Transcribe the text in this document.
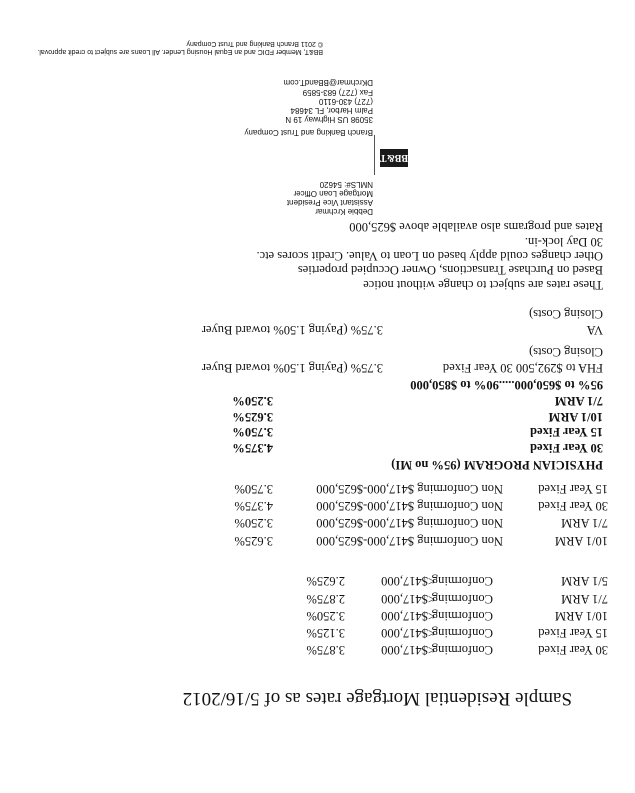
Sample Residential Mortgage rates as of 5/16/2012
30 Year Fixed
Conforming
<$417,000
3.875%
15 Year Fixed
Conforming
<$417,000
3.125%
10/1 ARM
Conforming
<$417,000
3.250%
7/1 ARM
Conforming
<$417,000
2.875%
5/1 ARM
Conforming
<$417,000
2.625%
10/1 ARM
Non Conforming $417,000-$625,000
3.625%
7/1 ARM
Non Conforming $417,000-$625,000
3.250%
30 Year Fixed
Non Conforming $417,000-$625,000
4.375%
15 Year Fixed
Non Conforming $417,000-$625,000
3.750%
PHYSICIAN PROGRAM (95% no MI)
30 Year Fixed
4.375%
15 Year Fixed
3.750%
10/1 ARM
3.625%
7/1 ARM
3.250%
95% to $650,000.....90% to $850,000
FHA to $292,500 30 Year Fixed
3.75% (Paying 1.50% toward Buyer
Closing Costs)
VA
3.75% (Paying 1.50% toward Buyer
Closing Costs)
These rates are subject to change without notice
Based on Purchase Transactions, Owner Occupied properties
Other changes could apply based on Loan to Value. Credit scores etc.
30 Day lock-in.
Rates and programs also available above $625,000
Debbie Krchmar
Assistant Vice President
Mortgage Loan Officer
NMLS#: 54620
BB&T
Branch Banking and Trust Company
35098 US Highway 19 N
Palm Harbor, FL 34684
(727) 430-6110
Fax (727) 683-5859
DKrchmar@BBandT.com
BB&T, Member FDIC and an Equal Housing Lender. All Loans are subject to credit approval.
© 2011 Branch Banking and Trust Company
